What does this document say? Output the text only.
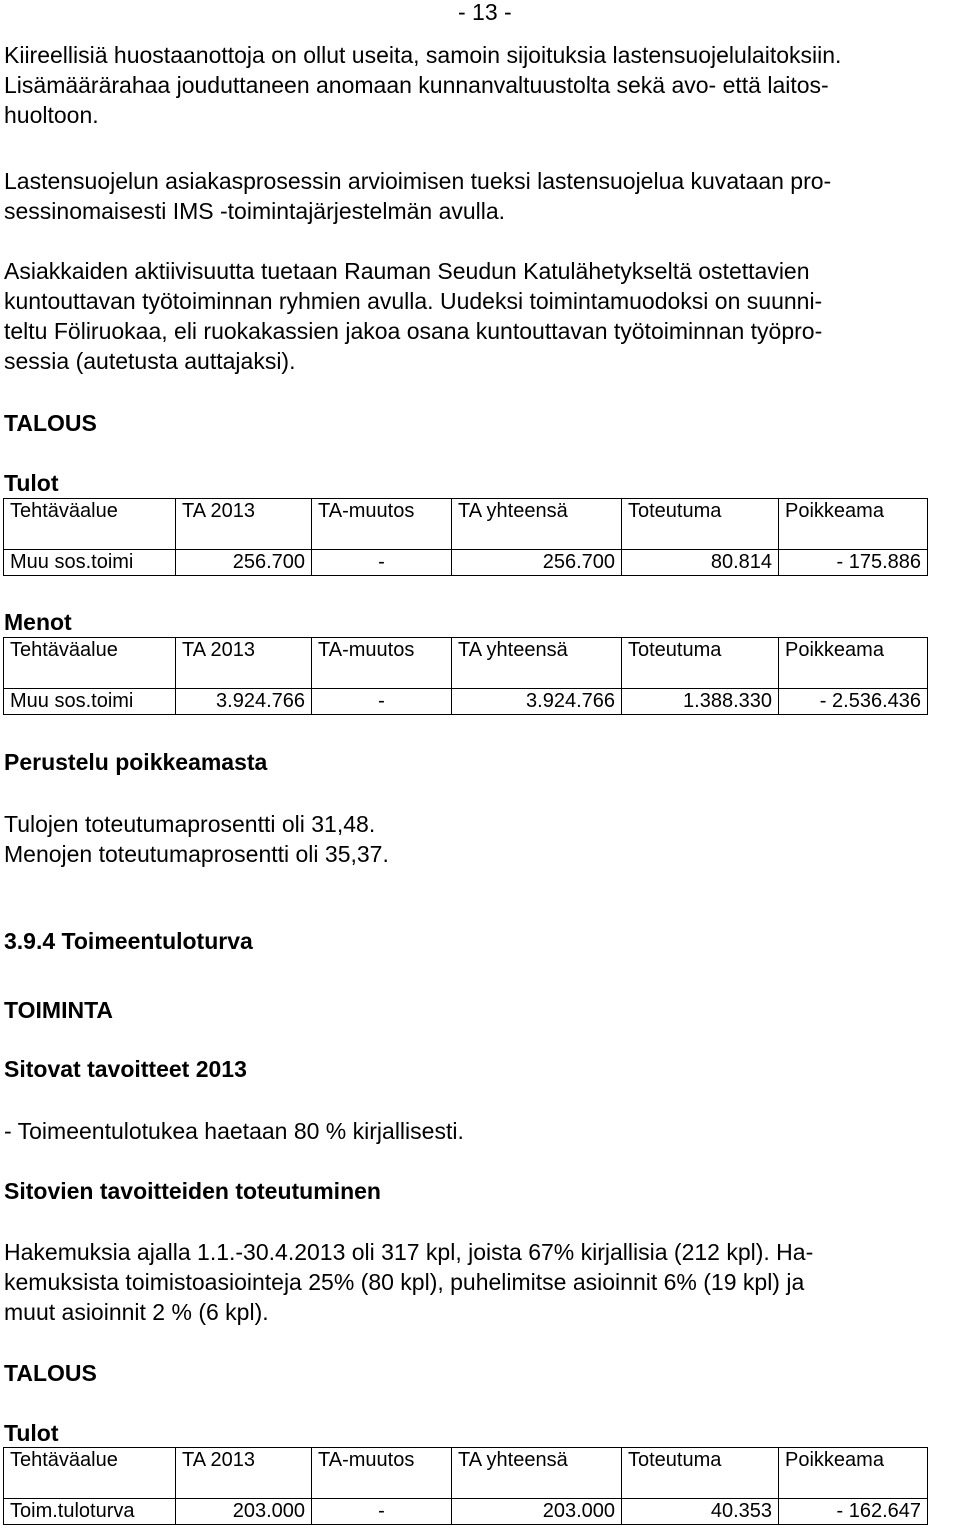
- 13 -

Kiireellisiä huostaanottoja on ollut useita, samoin sijoituksia lastensuojelulaitoksiin.
Lisämäärärahaa jouduttaneen anomaan kunnanvaltuustolta sekä avo- että laitos-
huoltoon.

Lastensuojelun asiakasprosessin arvioimisen tueksi lastensuojelua kuvataan pro-
sessinomaisesti IMS -toimintajärjestelmän avulla.

Asiakkaiden aktiivisuutta tuetaan Rauman Seudun Katulähetykseltä ostettavien
kuntouttavan työtoiminnan ryhmien avulla. Uudeksi toimintamuodoksi on suunni-
teltu Föliruokaa, eli ruokakassien jakoa osana kuntouttavan työtoiminnan työpro-
sessia (autetusta auttajaksi).

TALOUS
Tulot
Tehtäväalue	TA 2013	TA-muutos	TA yhteensä	Toteutuma	Poikkeama
Muu sos.toimi	256.700	-	256.700	80.814	- 175.886
Menot
Tehtäväalue	TA 2013	TA-muutos	TA yhteensä	Toteutuma	Poikkeama
Muu sos.toimi	3.924.766	-	3.924.766	1.388.330	- 2.536.436
Perustelu poikkeamasta

Tulojen toteutumaprosentti oli 31,48.
Menojen toteutumaprosentti oli 35,37.

3.9.4 Toimeentuloturva
TOIMINTA
Sitovat tavoitteet 2013

- Toimeentulotukea haetaan 80 % kirjallisesti.

Sitovien tavoitteiden toteutuminen

Hakemuksia ajalla 1.1.-30.4.2013 oli 317 kpl, joista 67% kirjallisia (212 kpl). Ha-
kemuksista toimistoasiointeja 25% (80 kpl), puhelimitse asioinnit 6% (19 kpl) ja
muut asioinnit 2 % (6 kpl).

TALOUS
Tulot
Tehtäväalue	TA 2013	TA-muutos	TA yhteensä	Toteutuma	Poikkeama
Toim.tuloturva	203.000	-	203.000	40.353	- 162.647
